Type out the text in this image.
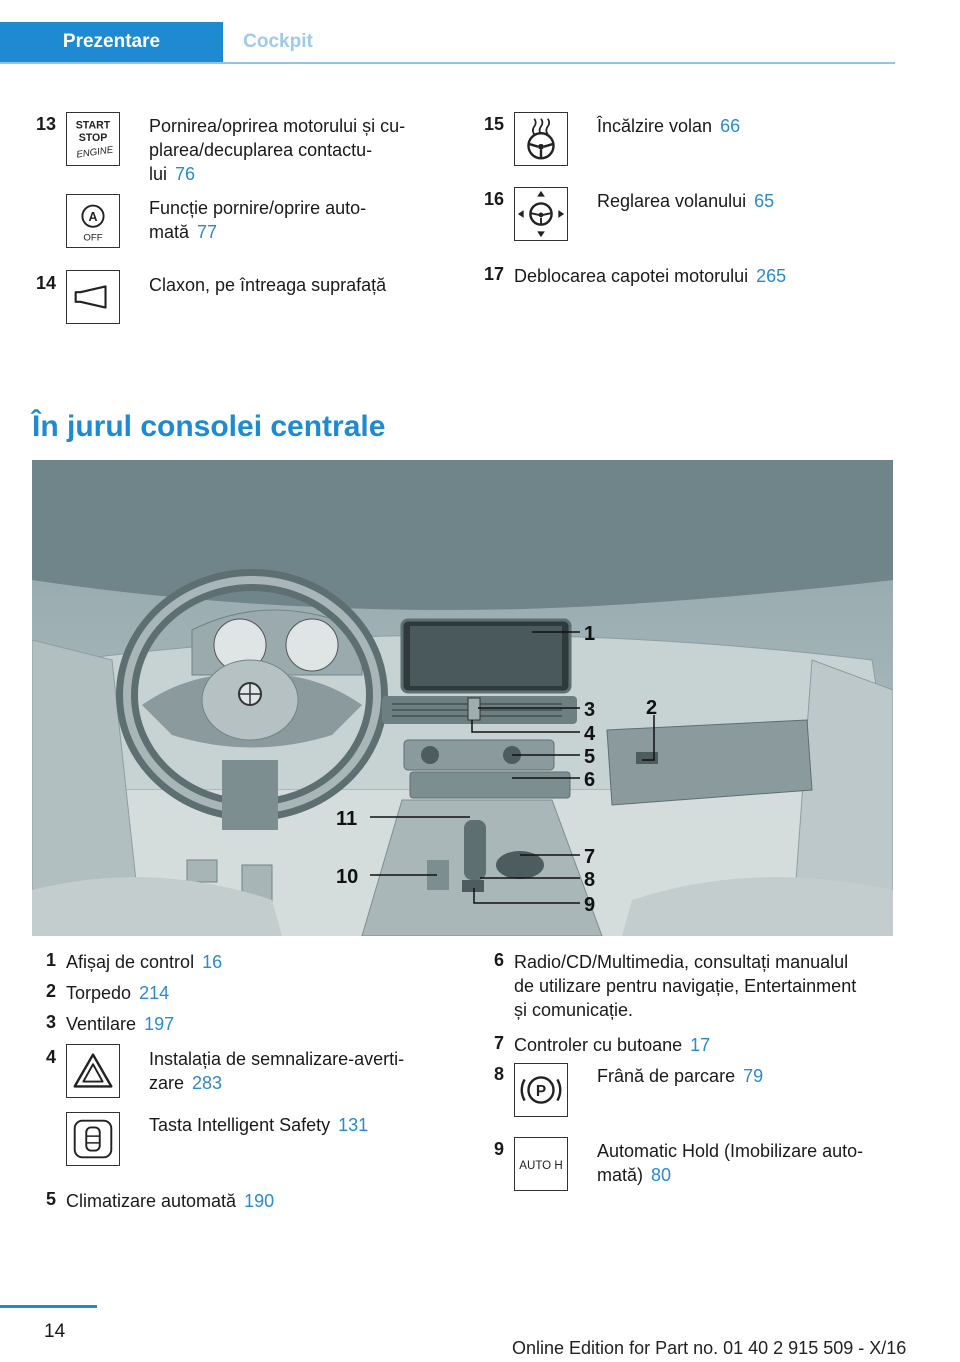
Prezentare	Cockpit
13 START
STOP
ENGINE
Pornirea/oprirea motorului și cu-
plarea/decuplarea contactu-
lui 76
A
OFF
Funcție pornire/oprire auto-
mată 77
14	Claxon, pe întreaga suprafață
15	Încălzire volan 66
16	Reglarea volanului 65
17 Deblocarea capotei motorului 265
În jurul consolei centrale
1
2
3
4
5
6
7
8
9
10
11
1 Afișaj de control 16
2 Torpedo 214
3 Ventilare 197
4	Instalația de semnalizare-averti-
zare 283
Tasta Intelligent Safety 131
5 Climatizare automată 190
6 Radio/CD/Multimedia, consultați manualul
de utilizare pentru navigație, Entertainment
și comunicație.
7 Controler cu butoane 17
8
P
Frână de parcare 79
9
AUTO H
Automatic Hold (Imobilizare auto-
mată) 80
14
Online Edition for Part no. 01 40 2 915 509 - X/16
